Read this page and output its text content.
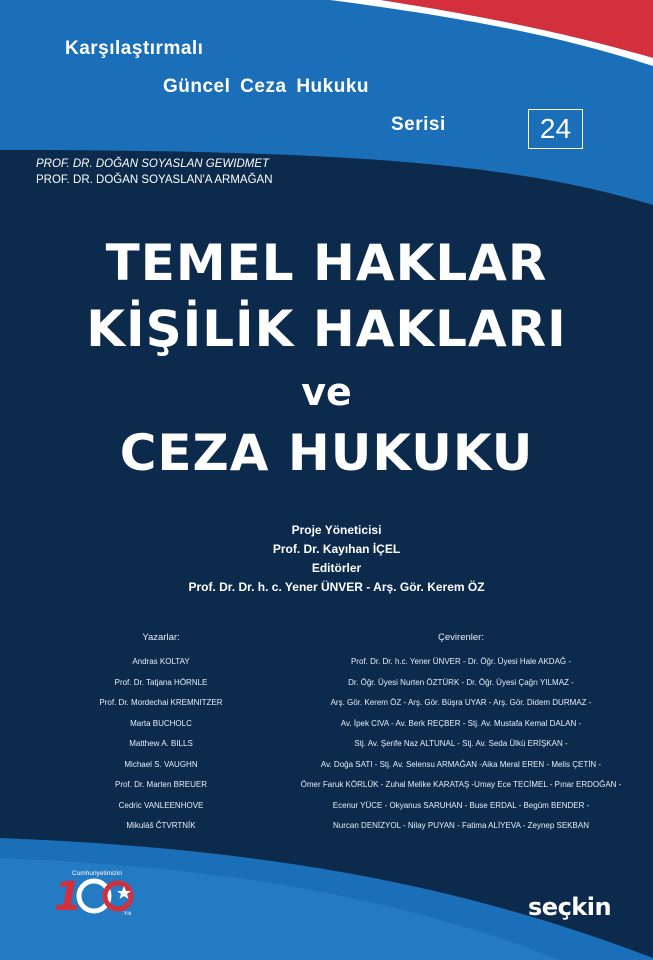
Karşılaştırmalı
Güncel Ceza Hukuku
Serisi	24
PROF. DR. DOĞAN SOYASLAN GEWIDMET
PROF. DR. DOĞAN SOYASLAN'A ARMAĞAN
TEMEL HAKLAR
KİŞİLİK HAKLARI
ve
CEZA HUKUKU
Proje Yöneticisi
Prof. Dr. Kayıhan İÇEL
Editörler
Prof. Dr. Dr. h. c. Yener ÜNVER - Arş. Gör. Kerem ÖZ
Yazarlar:
Andras KOLTAY
Prof. Dr. Tatjana HÖRNLE
Prof. Dr. Mordechai KREMNITZER
Marta BUCHOLC
Matthew A. BILLS
Michael S. VAUGHN
Prof. Dr. Marten BREUER
Cedric VANLEENHOVE
Mikuláš ČTVRTNÍK
Çevirenler:
Prof. Dr. Dr. h.c. Yener ÜNVER - Dr. Öğr. Üyesi Hale AKDAĞ -
Dr. Öğr. Üyesi Nurten ÖZTÜRK - Dr. Öğr. Üyesi Çağrı YILMAZ -
Arş. Gör. Kerem ÖZ - Arş. Gör. Büşra UYAR - Arş. Gör. Didem DURMAZ -
Av. İpek CIVA - Av. Berk REÇBER - Stj. Av. Mustafa Kemal DALAN -
Stj. Av. Şerife Naz ALTUNAL - Stj. Av. Seda Ülkü ERİŞKAN -
Av. Doğa SATI - Stj. Av. Selensu ARMAĞAN -Aika Meral EREN - Melis ÇETİN -
Ömer Faruk KÖRLÜK - Zuhal Melike KARATAŞ -Umay Ece TECİMEL - Pınar ERDOĞAN -
Ecenur YÜCE - Okyanus SARUHAN - Buse ERDAL - Begüm BENDER -
Nurcan DENİZYOL - Nilay PUYAN - Fatima ALİYEVA - Zeynep SEKBAN
1
Cumhuriyetimizin
.Yılı	seçkin
